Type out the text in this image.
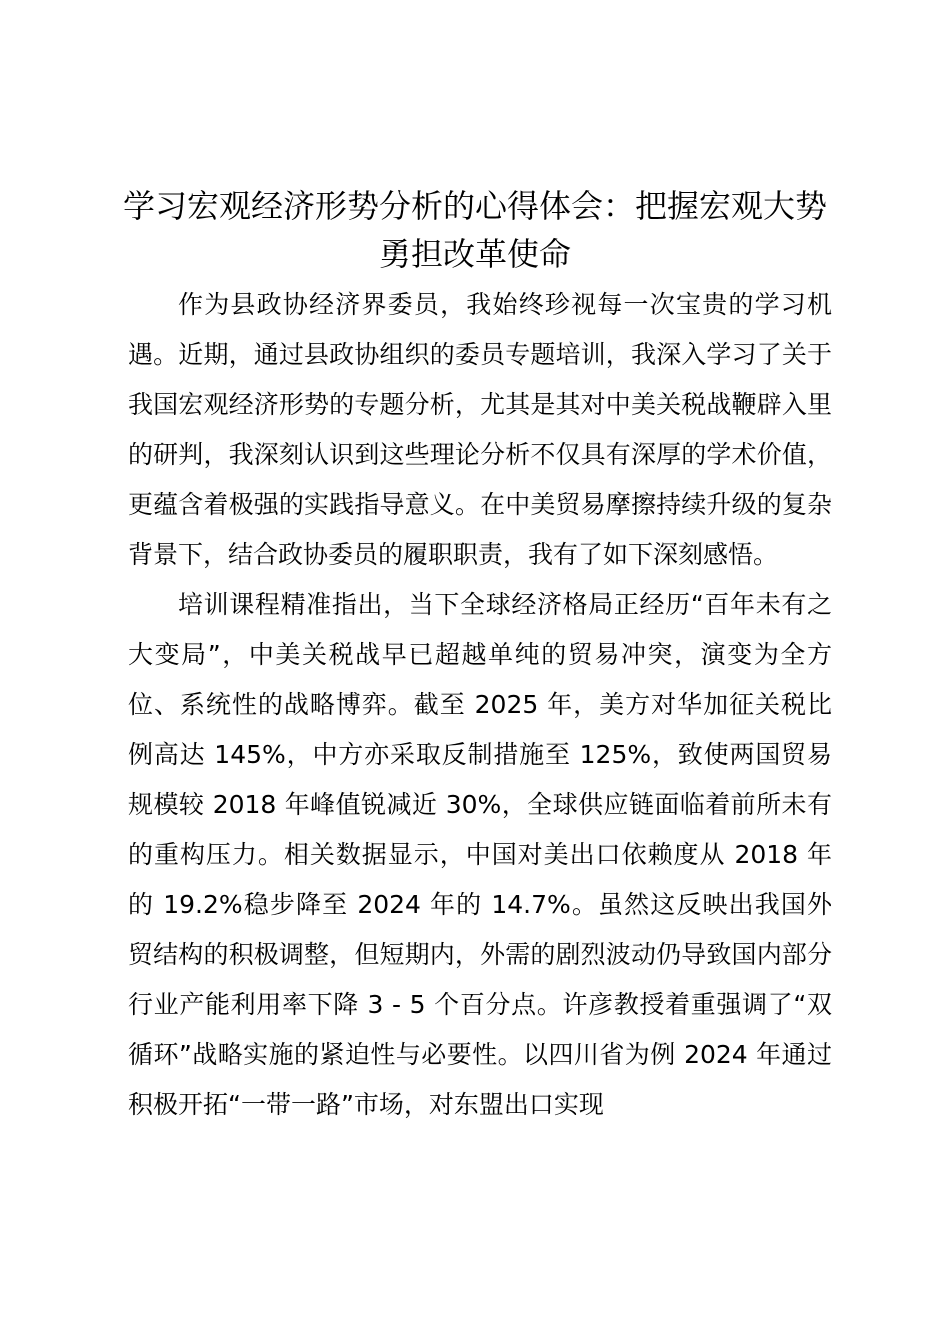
学习宏观经济形势分析的心得体会：把握宏观大势勇担改革使命

作为县政协经济界委员，我始终珍视每一次宝贵的学习机遇。近期，通过县政协组织的委员专题培训，我深入学习了关于我国宏观经济形势的专题分析，尤其是其对中美关税战鞭辟入里的研判，我深刻认识到这些理论分析不仅具有深厚的学术价值，更蕴含着极强的实践指导意义。在中美贸易摩擦持续升级的复杂背景下，结合政协委员的履职职责，我有了如下深刻感悟。

培训课程精准指出，当下全球经济格局正经历“百年未有之大变局”，中美关税战早已超越单纯的贸易冲突，演变为全方位、系统性的战略博弈。截至 2025 年，美方对华加征关税比例高达 145%，中方亦采取反制措施至 125%，致使两国贸易规模较 2018 年峰值锐减近 30%，全球供应链面临着前所未有的重构压力。相关数据显示，中国对美出口依赖度从 2018 年的 19.2%稳步降至 2024 年的 14.7%。虽然这反映出我国外贸结构的积极调整，但短期内，外需的剧烈波动仍导致国内部分行业产能利用率下降 3 - 5 个百分点。许彦教授着重强调了“双循环”战略实施的紧迫性与必要性。以四川省为例 2024 年通过积极开拓“一带一路”市场，对东盟出口实现
